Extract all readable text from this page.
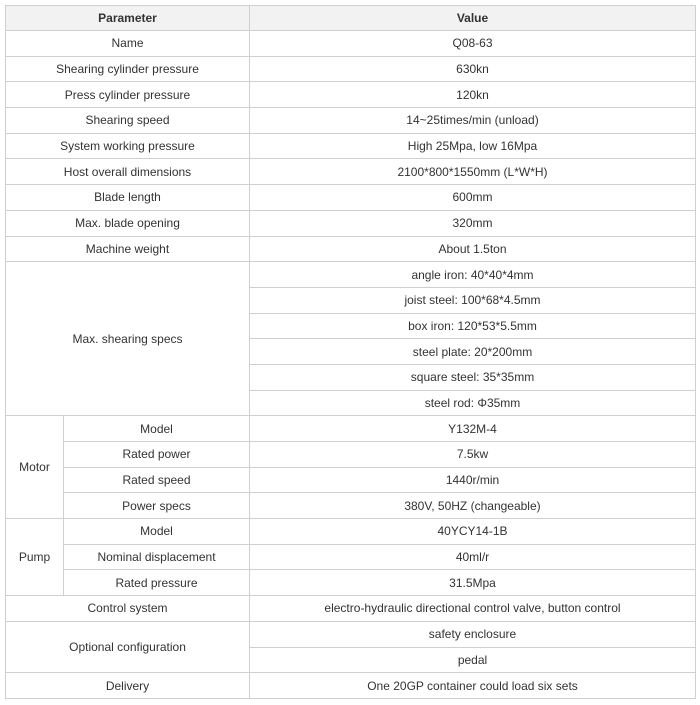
Parameter		Value
Name		Q08-63
Shearing cylinder pressure		630kn
Press cylinder pressure		120kn
Shearing speed		14~25times/min (unload)
System working pressure		High 25Mpa, low 16Mpa
Host overall dimensions		2100*800*1550mm (L*W*H)
Blade length		600mm
Max. blade opening		320mm
Machine weight		About 1.5ton
Max. shearing specs		angle iron: 40*40*4mm
		joist steel: 100*68*4.5mm
		box iron: 120*53*5.5mm
		steel plate: 20*200mm
		square steel: 35*35mm
		steel rod: Φ35mm
Motor	Model	Y132M-4
	Rated power	7.5kw
	Rated speed	1440r/min
	Power specs	380V, 50HZ (changeable)
Pump	Model	40YCY14-1B
	Nominal displacement	40ml/r
	Rated pressure	31.5Mpa
Control system		electro-hydraulic directional control valve, button control
Optional configuration		safety enclosure
		pedal
Delivery		One 20GP container could load six sets
